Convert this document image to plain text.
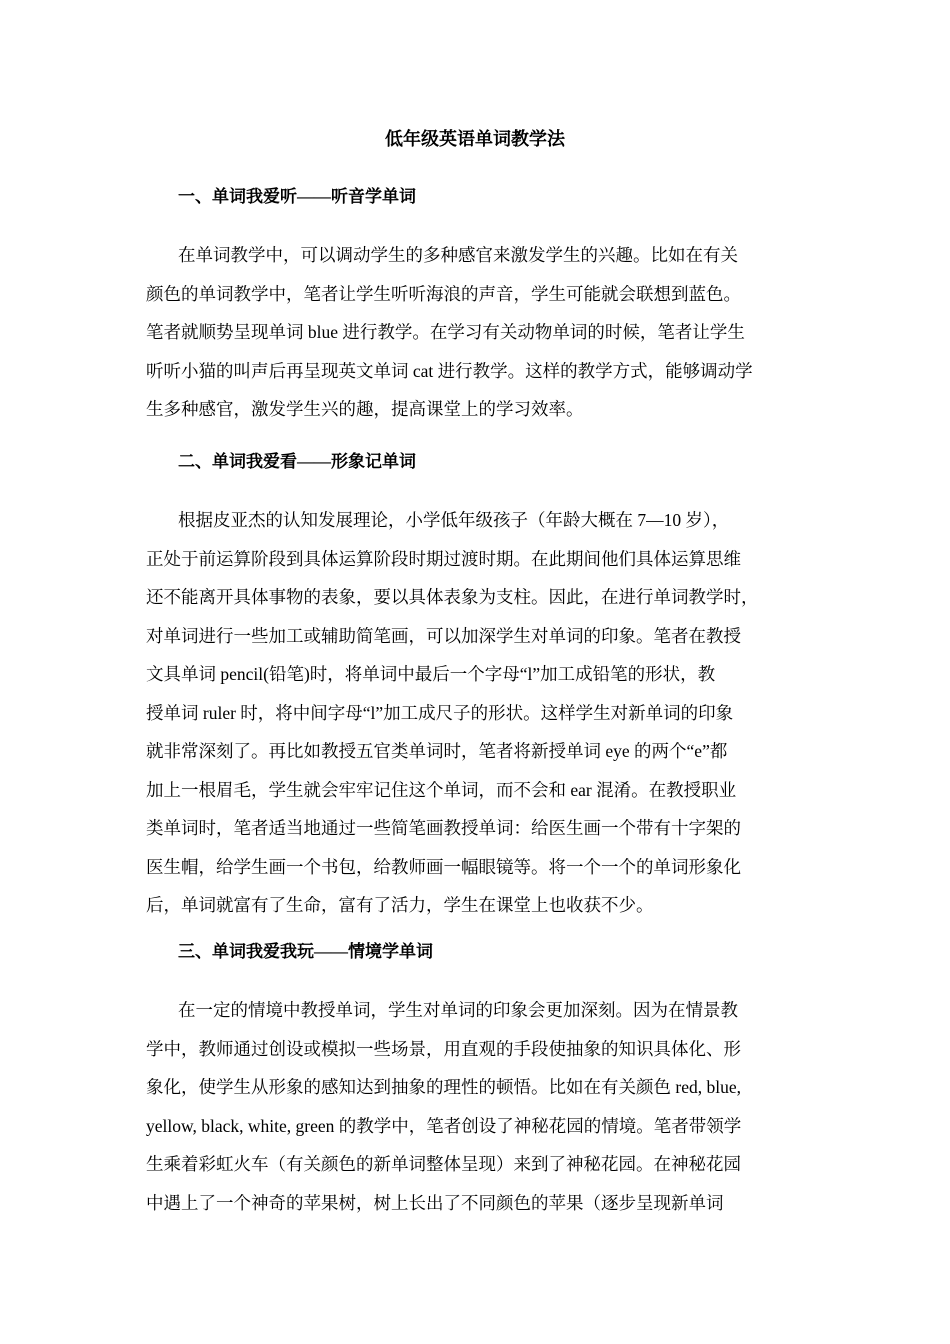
低年级英语单词教学法
一、单词我爱听——听音学单词
在单词教学中，可以调动学生的多种感官来激发学生的兴趣。比如在有关
颜色的单词教学中，笔者让学生听听海浪的声音，学生可能就会联想到蓝色。
笔者就顺势呈现单词 blue 进行教学。在学习有关动物单词的时候，笔者让学生
听听小猫的叫声后再呈现英文单词 cat 进行教学。这样的教学方式，能够调动学
生多种感官，激发学生兴的趣，提高课堂上的学习效率。
二、单词我爱看——形象记单词
根据皮亚杰的认知发展理论，小学低年级孩子（年龄大概在 7—10 岁），
正处于前运算阶段到具体运算阶段时期过渡时期。在此期间他们具体运算思维
还不能离开具体事物的表象，要以具体表象为支柱。因此，在进行单词教学时，
对单词进行一些加工或辅助简笔画，可以加深学生对单词的印象。笔者在教授
文具单词 pencil(铅笔)时，将单词中最后一个字母“l”加工成铅笔的形状，教
授单词 ruler 时，将中间字母“l”加工成尺子的形状。这样学生对新单词的印象
就非常深刻了。再比如教授五官类单词时，笔者将新授单词 eye 的两个“e”都
加上一根眉毛，学生就会牢牢记住这个单词，而不会和 ear 混淆。在教授职业
类单词时，笔者适当地通过一些简笔画教授单词：给医生画一个带有十字架的
医生帽，给学生画一个书包，给教师画一幅眼镜等。将一个一个的单词形象化
后，单词就富有了生命，富有了活力，学生在课堂上也收获不少。
三、单词我爱我玩——情境学单词
在一定的情境中教授单词，学生对单词的印象会更加深刻。因为在情景教
学中，教师通过创设或模拟一些场景，用直观的手段使抽象的知识具体化、形
象化，使学生从形象的感知达到抽象的理性的顿悟。比如在有关颜色 red, blue,
yellow, black, white, green 的教学中，笔者创设了神秘花园的情境。笔者带领学
生乘着彩虹火车（有关颜色的新单词整体呈现）来到了神秘花园。在神秘花园
中遇上了一个神奇的苹果树，树上长出了不同颜色的苹果（逐步呈现新单词
